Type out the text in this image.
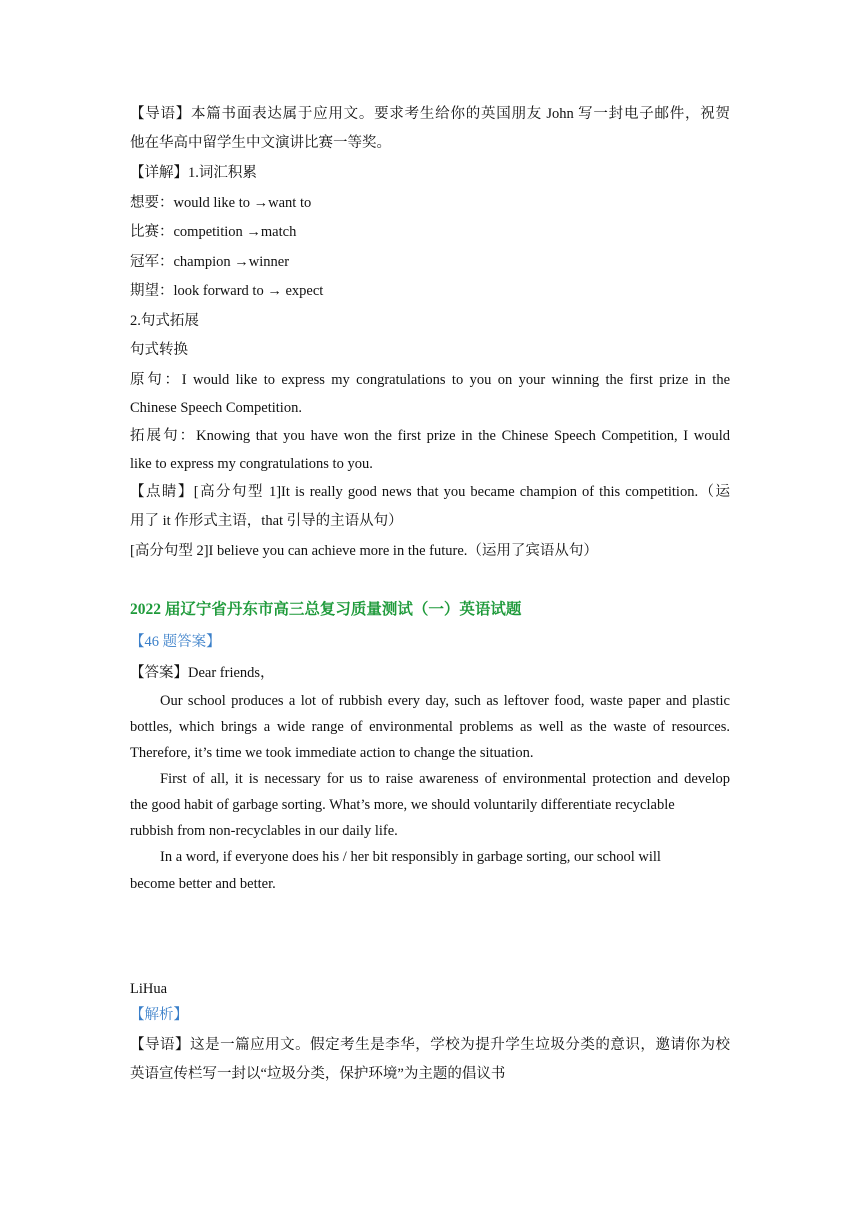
【导语】本篇书面表达属于应用文。要求考生给你的英国朋友 John 写一封电子邮件，祝贺
他在华高中留学生中文演讲比赛一等奖。
【详解】1.词汇积累
想要：would like to →want to
比赛：competition →match
冠军：champion →winner
期望：look forward to → expect
2.句式拓展
句式转换
原句：I would like to express my congratulations to you on your winning the first prize in the
Chinese Speech Competition.
拓展句：Knowing that you have won the first prize in the Chinese Speech Competition, I would
like to express my congratulations to you.
【点睛】[高分句型 1]It is really good news that you became champion of this competition.（运
用了 it 作形式主语，that 引导的主语从句）
[高分句型 2]I believe you can achieve more in the future.（运用了宾语从句）
2022 届辽宁省丹东市高三总复习质量测试（一）英语试题
【46 题答案】
【答案】Dear friends，
Our school produces a lot of rubbish every day, such as leftover food, waste paper and plastic
bottles, which brings a wide range of environmental problems as well as the waste of resources.
Therefore, it’s time we took immediate action to change the situation.
First of all, it is necessary for us to raise awareness of environmental protection and develop
the good habit of garbage sorting. What’s more, we should voluntarily differentiate recyclable
rubbish from non-recyclables in our daily life.
In a word, if everyone does his / her bit responsibly in garbage sorting, our school will
become better and better.
LiHua
【解析】
【导语】这是一篇应用文。假定考生是李华，学校为提升学生垃圾分类的意识，邀请你为校
英语宣传栏写一封以“垃圾分类，保护环境”为主题的倡议书
